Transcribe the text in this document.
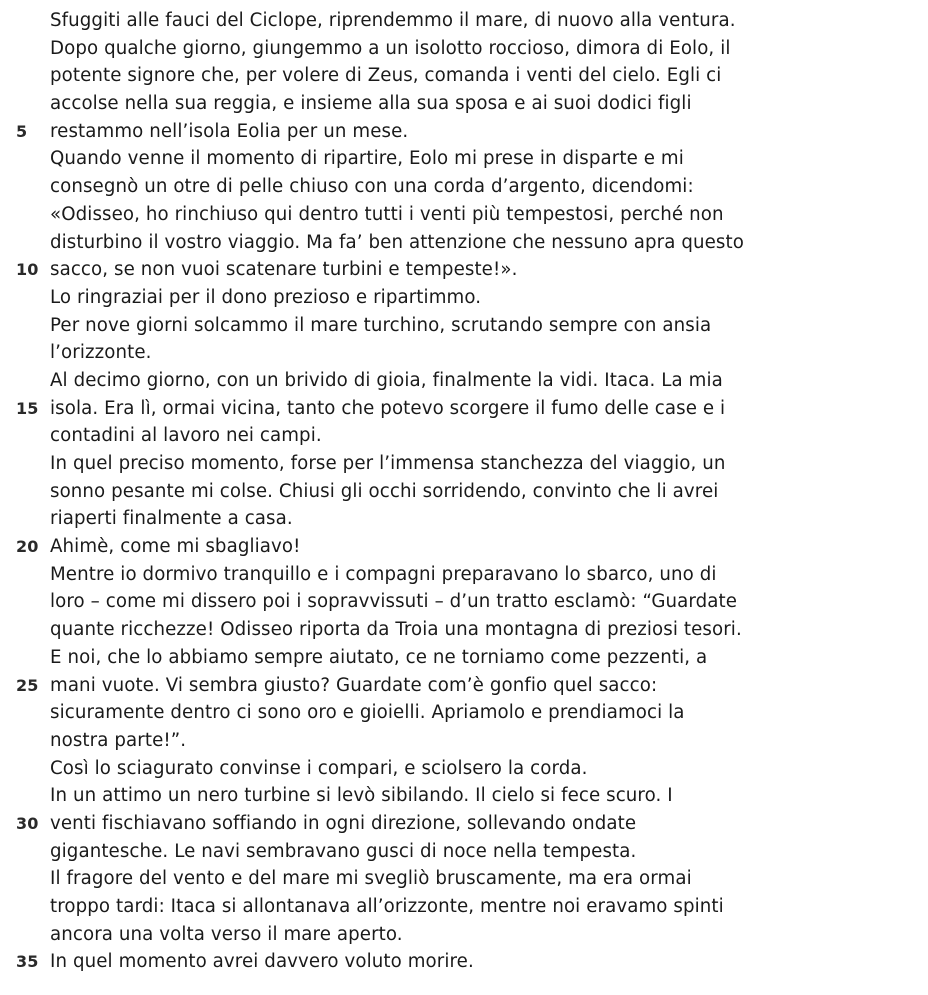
Sfuggiti alle fauci del Ciclope, riprendemmo il mare, di nuovo alla ventura.
Dopo qualche giorno, giungemmo a un isolotto roccioso, dimora di Eolo, il
potente signore che, per volere di Zeus, comanda i venti del cielo. Egli ci
accolse nella sua reggia, e insieme alla sua sposa e ai suoi dodici figli
5	restammo nell’isola Eolia per un mese.
Quando venne il momento di ripartire, Eolo mi prese in disparte e mi
consegnò un otre di pelle chiuso con una corda d’argento, dicendomi:
«Odisseo, ho rinchiuso qui dentro tutti i venti più tempestosi, perché non
disturbino il vostro viaggio. Ma fa’ ben attenzione che nessuno apra questo
10 sacco, se non vuoi scatenare turbini e tempeste!».
Lo ringraziai per il dono prezioso e ripartimmo.
Per nove giorni solcammo il mare turchino, scrutando sempre con ansia
l’orizzonte.
Al decimo giorno, con un brivido di gioia, finalmente la vidi. Itaca. La mia
15 isola. Era lì, ormai vicina, tanto che potevo scorgere il fumo delle case e i
contadini al lavoro nei campi.
In quel preciso momento, forse per l’immensa stanchezza del viaggio, un
sonno pesante mi colse. Chiusi gli occhi sorridendo, convinto che li avrei
riaperti finalmente a casa.
20 Ahimè, come mi sbagliavo!
Mentre io dormivo tranquillo e i compagni preparavano lo sbarco, uno di
loro – come mi dissero poi i sopravvissuti – d’un tratto esclamò: “Guardate
quante ricchezze! Odisseo riporta da Troia una montagna di preziosi tesori.
E noi, che lo abbiamo sempre aiutato, ce ne torniamo come pezzenti, a
25 mani vuote. Vi sembra giusto? Guardate com’è gonfio quel sacco:
sicuramente dentro ci sono oro e gioielli. Apriamolo e prendiamoci la
nostra parte!”.
Così lo sciagurato convinse i compari, e sciolsero la corda.
In un attimo un nero turbine si levò sibilando. Il cielo si fece scuro. I
30 venti fischiavano soffiando in ogni direzione, sollevando ondate
gigantesche. Le navi sembravano gusci di noce nella tempesta.
Il fragore del vento e del mare mi svegliò bruscamente, ma era ormai
troppo tardi: Itaca si allontanava all’orizzonte, mentre noi eravamo spinti
ancora una volta verso il mare aperto.
35 In quel momento avrei davvero voluto morire.
